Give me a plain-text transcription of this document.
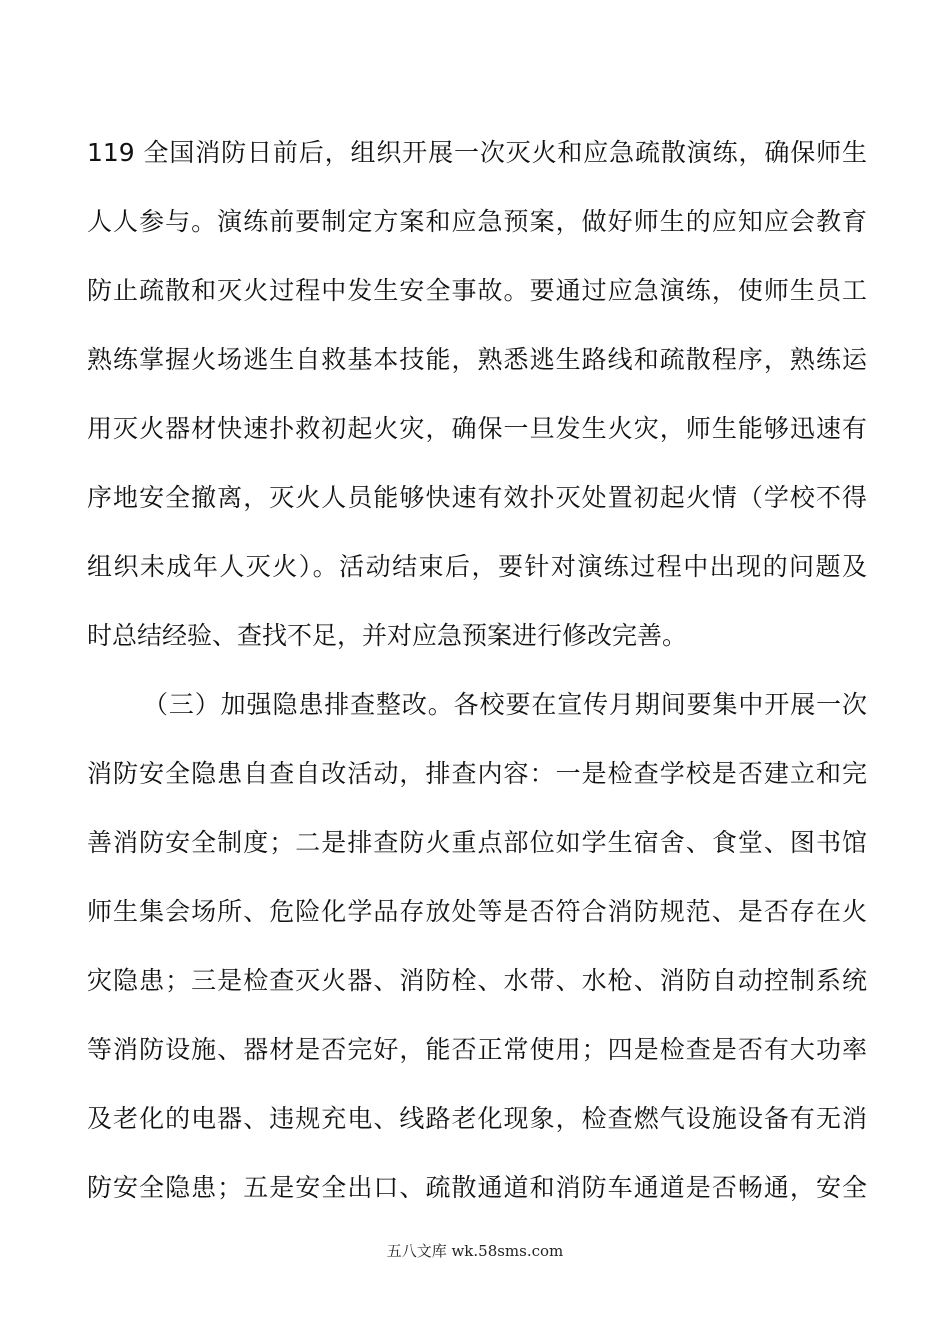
119 全国消防日前后，组织开展一次灭火和应急疏散演练，确保师生
人人参与。演练前要制定方案和应急预案，做好师生的应知应会教育
防止疏散和灭火过程中发生安全事故。要通过应急演练，使师生员工
熟练掌握火场逃生自救基本技能，熟悉逃生路线和疏散程序，熟练运
用灭火器材快速扑救初起火灾，确保一旦发生火灾，师生能够迅速有
序地安全撤离，灭火人员能够快速有效扑灭处置初起火情（学校不得
组织未成年人灭火）。活动结束后，要针对演练过程中出现的问题及
时总结经验、查找不足，并对应急预案进行修改完善。
（三）加强隐患排查整改。各校要在宣传月期间要集中开展一次
消防安全隐患自查自改活动，排查内容：一是检查学校是否建立和完
善消防安全制度；二是排查防火重点部位如学生宿舍、食堂、图书馆
师生集会场所、危险化学品存放处等是否符合消防规范、是否存在火
灾隐患；三是检查灭火器、消防栓、水带、水枪、消防自动控制系统
等消防设施、器材是否完好，能否正常使用；四是检查是否有大功率
及老化的电器、违规充电、线路老化现象，检查燃气设施设备有无消
防安全隐患；五是安全出口、疏散通道和消防车通道是否畅通，安全
五八文库 wk.58sms.com
